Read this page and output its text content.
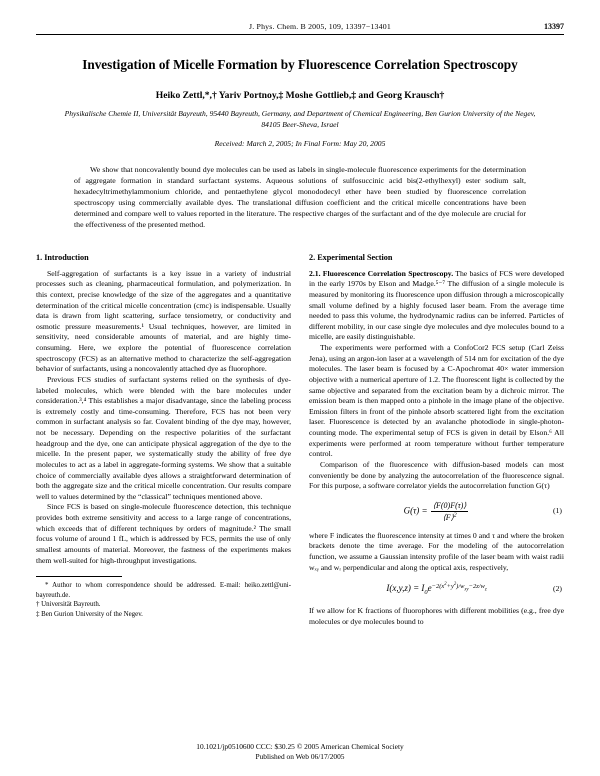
J. Phys. Chem. B 2005, 109, 13397−13401	13397
Investigation of Micelle Formation by Fluorescence Correlation Spectroscopy
Heiko Zettl,*,† Yariv Portnoy,‡ Moshe Gottlieb,‡ and Georg Krausch†
Physikalische Chemie II, Universität Bayreuth, 95440 Bayreuth, Germany, and Department of Chemical Engineering, Ben Gurion University of the Negev, 84105 Beer-Sheva, Israel
Received: March 2, 2005; In Final Form: May 20, 2005
We show that noncovalently bound dye molecules can be used as labels in single-molecule fluorescence experiments for the determination of aggregate formation in standard surfactant systems. Aqueous solutions of sulfosuccinic acid bis(2-ethylhexyl) ester sodium salt, hexadecyltrimethylammonium chloride, and pentaethylene glycol monododecyl ether have been studied by fluorescence correlation spectroscopy using commercially available dyes. The translational diffusion coefficient and the critical micelle concentrations have been determined and compare well to values reported in the literature. The respective charges of the surfactant and of the dye molecule are crucial for the effectiveness of the presented method.
1. Introduction

Self-aggregation of surfactants is a key issue in a variety of industrial processes such as cleaning, pharmaceutical formulation, and polymerization. In this context, precise knowledge of the size of the aggregates and a quantitative determination of the critical micelle concentration (cmc) is indispensable. Usually data is drawn from light scattering, surface tensiometry, or conductivity and osmotic pressure measurements.¹ Usual techniques, however, are limited in sensitivity, need considerable amounts of material, and are highly time-consuming. Here, we explore the potential of fluorescence correlation spectroscopy (FCS) as an alternative method to characterize the self-aggregation behavior of surfactants, using a noncovalently attached dye as fluorophore.

Previous FCS studies of surfactant systems relied on the synthesis of dye-labeled molecules, which were blended with the bare molecules under consideration.³,⁴ This establishes a major disadvantage, since the labeling process is extremely costly and time-consuming. Therefore, FCS has not been very common in surfactant analysis so far. Covalent binding of the dye may, however, not be necessary. Depending on the respective polarities of the surfactant headgroup and the dye, one can anticipate physical aggregation of the dye to the micelle. In the present paper, we systematically study the ability of free dye molecules to act as a label in aggregate-forming systems. We show that a suitable choice of commercially available dyes allows a straightforward determination of both the aggregate size and the critical micelle concentration. Our results compare well to values determined by the “classical” techniques mentioned above.

Since FCS is based on single-molecule fluorescence detection, this technique provides both extreme sensitivity and access to a large range of concentrations, which exceeds that of different techniques by orders of magnitude.² The small focus volume of around 1 fL, which is addressed by FCS, permits the use of only smallest amounts of material. Moreover, the fastness of the experiments makes them well-suited for high-throughput investigations.

* Author to whom correspondence should be addressed. E-mail: heiko.zettl@uni-bayreuth.de.

† Universität Bayreuth.

‡ Ben Gurion University of the Negev.

2. Experimental Section

2.1. Fluorescence Correlation Spectroscopy. The basics of FCS were developed in the early 1970s by Elson and Madge.⁵⁻⁷ The diffusion of a single molecule is measured by monitoring its fluorescence upon diffusion through a microscopically small volume defined by a highly focused laser beam. From the average time needed to pass this volume, the hydrodynamic radius can be inferred. Particles of different mobility, in our case single dye molecules and dye molecules bound to a micelle, are easily distinguishable.

The experiments were performed with a ConfoCor2 FCS setup (Carl Zeiss Jena), using an argon-ion laser at a wavelength of 514 nm for excitation of the dye molecules. The laser beam is focused by a C-Apochromat 40× water immersion objective with a numerical aperture of 1.2. The fluorescent light is collected by the same objective and separated from the excitation beam by a dichroic mirror. The emission beam is then mapped onto a pinhole in the image plane of the objective. Emission filters in front of the pinhole absorb scattered light from the excitation laser. Fluorescence is detected by an avalanche photodiode in single-photon-counting mode. The experimental setup of FCS is given in detail by Elson.⁶ All experiments were performed at room temperature without further temperature control.

Comparison of the fluorescence with diffusion-based models can most conveniently be done by analyzing the autocorrelation of the fluorescence signal. For this purpose, a software correlator yields the autocorrelation function G(τ)

$G(\tau) = \frac{⟨F(0)F(\tau)⟩}{⟨F⟩^2}$	(1)

where F indicates the fluorescence intensity at times 0 and τ and where the broken brackets denote the time average. For the modeling of the autocorrelation function, we assume a Gaussian intensity profile of the laser beam with waist radii wₓᵧ and wᵣ perpendicular and along the optical axis, respectively,

$I(x,y,z) = I_0e^{-2(x^2+y^2)/w_{xy}-2z/w_z}$	(2)

If we allow for K fractions of fluorophores with different mobilities (e.g., free dye molecules or dye molecules bound to

10.1021/jp0510600 CCC: $30.25 © 2005 American Chemical Society
Published on Web 06/17/2005
